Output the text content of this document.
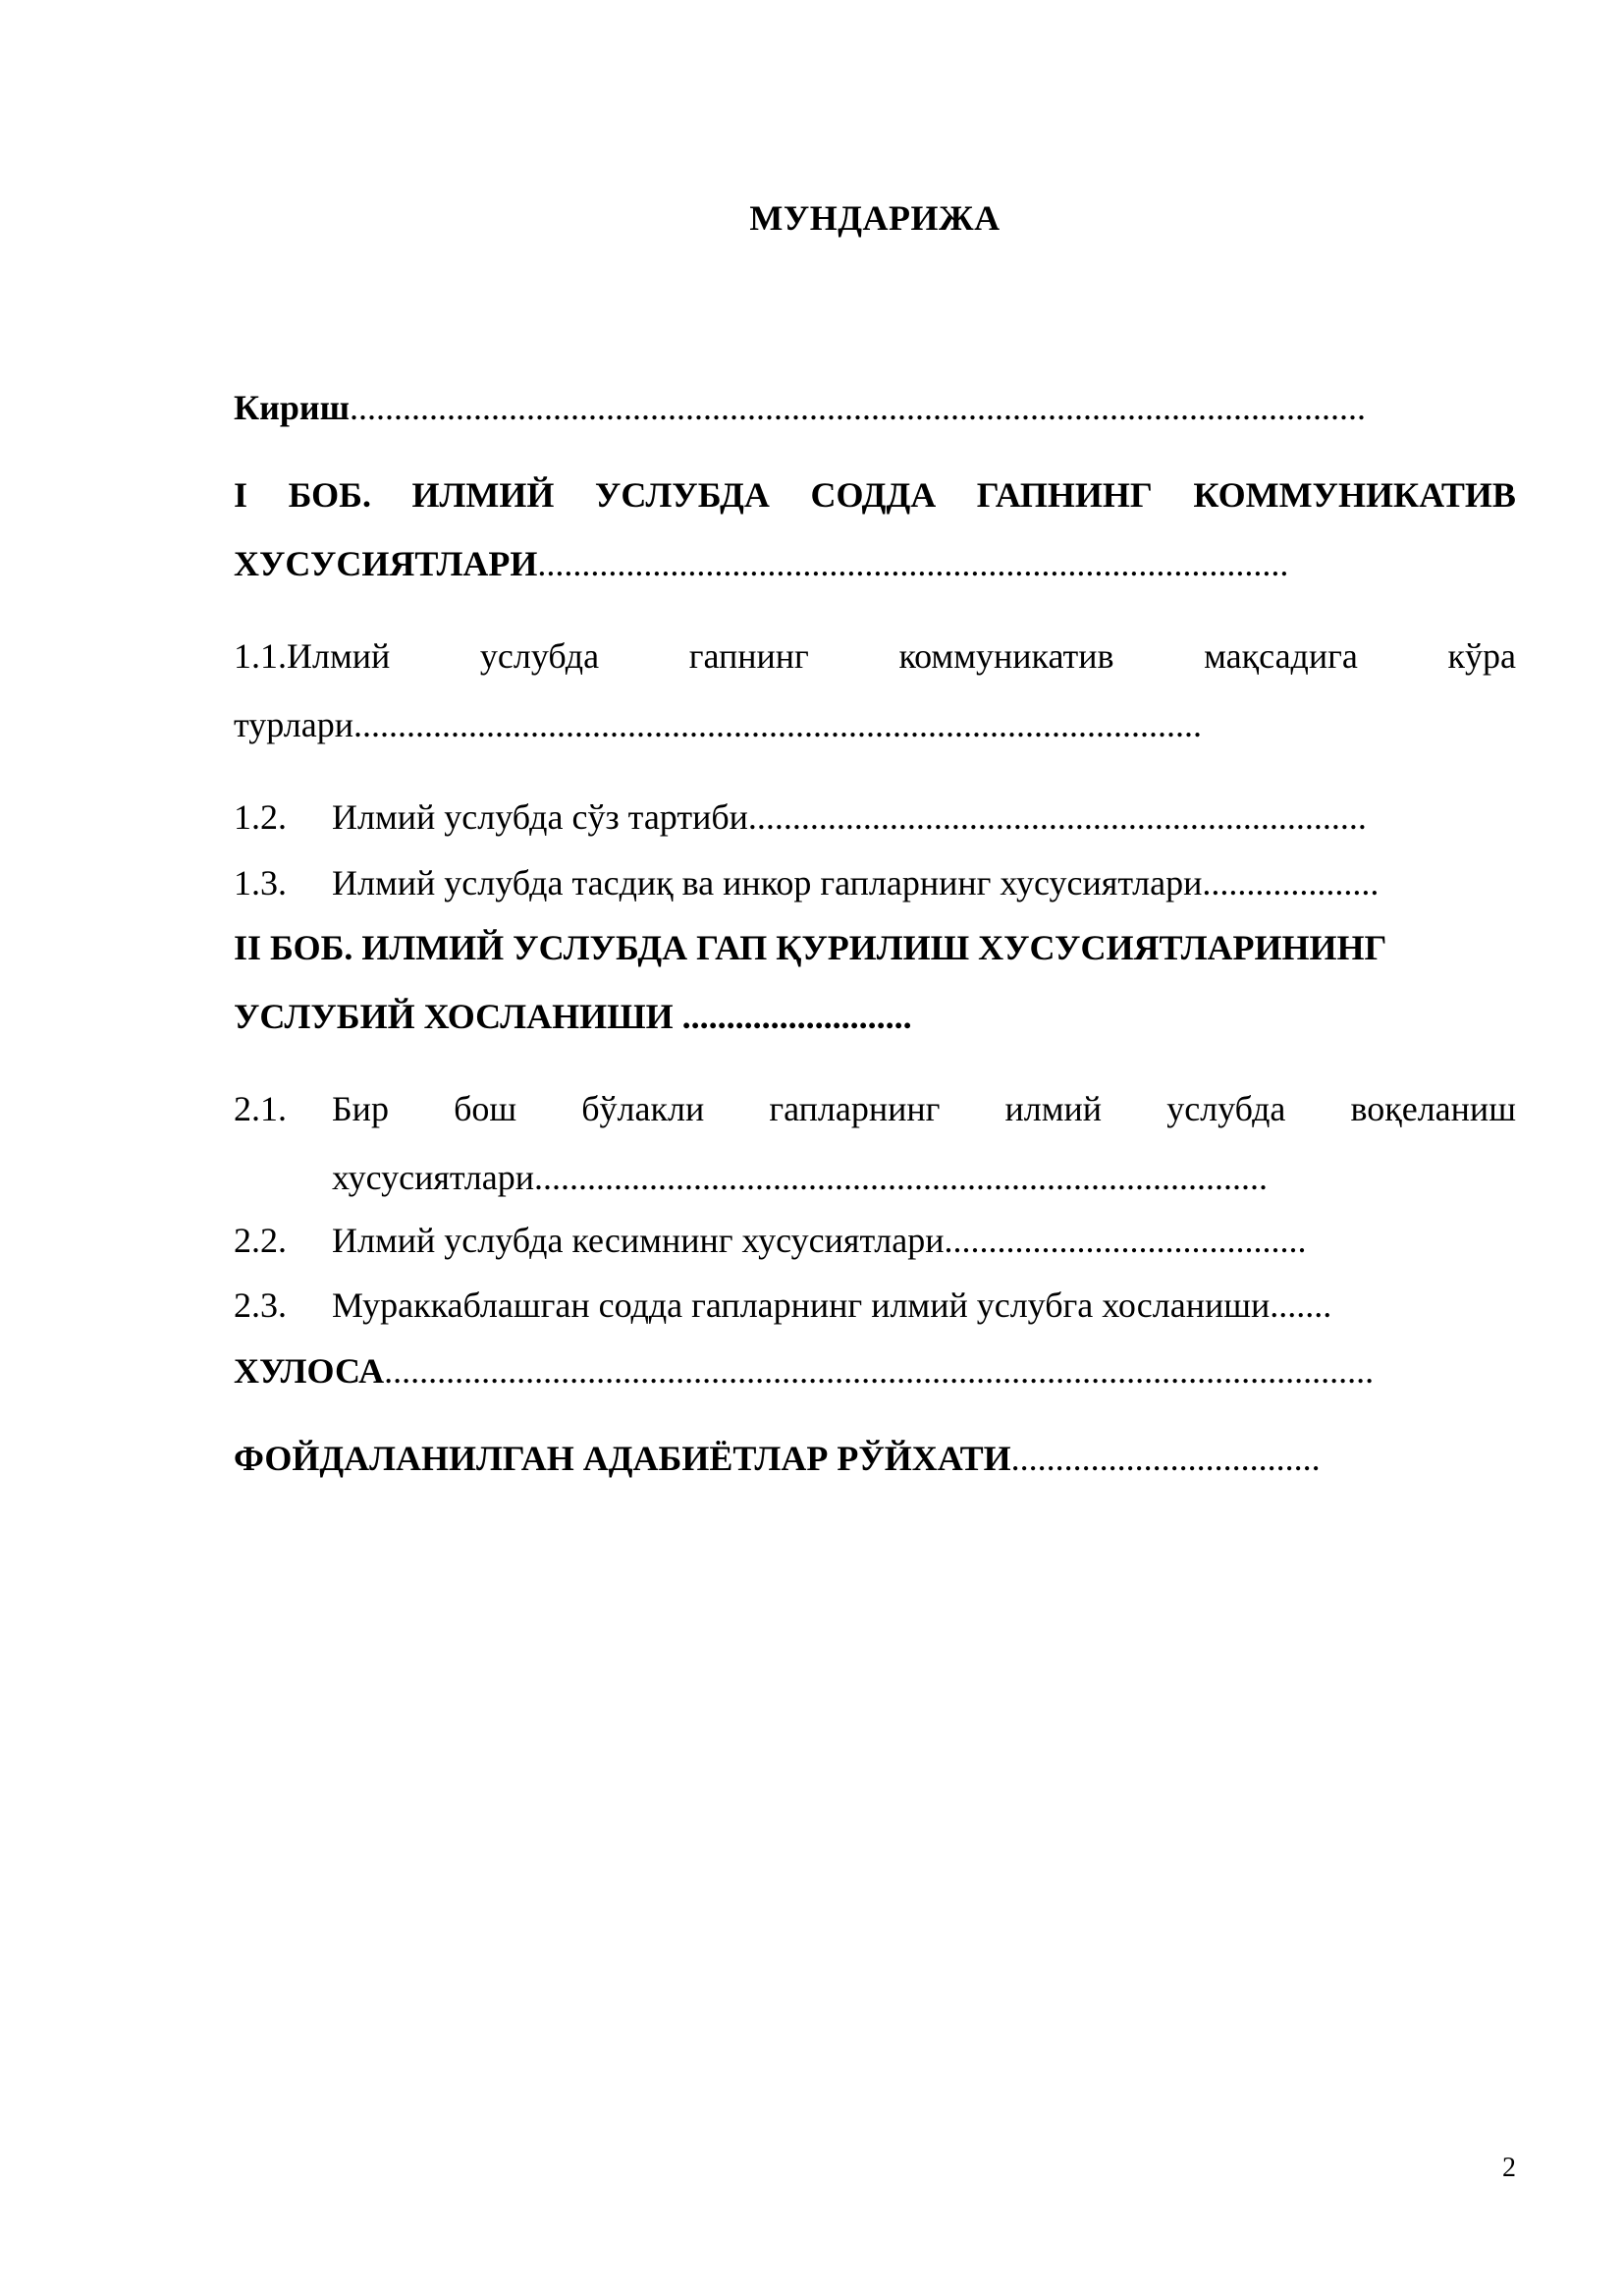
МУНДАРИЖА
Кириш...................................................................................................................
I БОБ. ИЛМИЙ УСЛУБДА СОДДА ГАПНИНГ КОММУНИКАТИВ
ХУСУСИЯТЛАРИ.....................................................................................
1.1.Илмий	услубда	гапнинг	коммуникатив	мақсадига	кўра
турлари................................................................................................
1.2. Илмий услубда сўз тартиби......................................................................
1.3. Илмий услубда тасдиқ ва инкор гапларнинг хусусиятлари....................
II БОБ. ИЛМИЙ УСЛУБДА ГАП ҚУРИЛИШ ХУСУСИЯТЛАРИНИНГ
УСЛУБИЙ ХОСЛАНИШИ ..........................
2.1.	Бир бош бўлакли гапларнинг илмий услубда воқеланиш
хусусиятлари...................................................................................
2.2. Илмий услубда кесимнинг хусусиятлари.........................................
2.3. Мураккаблашган содда гапларнинг илмий услубга хосланиши.......
ХУЛОСА................................................................................................................
ФОЙДАЛАНИЛГАН АДАБИЁТЛАР РЎЙХАТИ...................................
2
